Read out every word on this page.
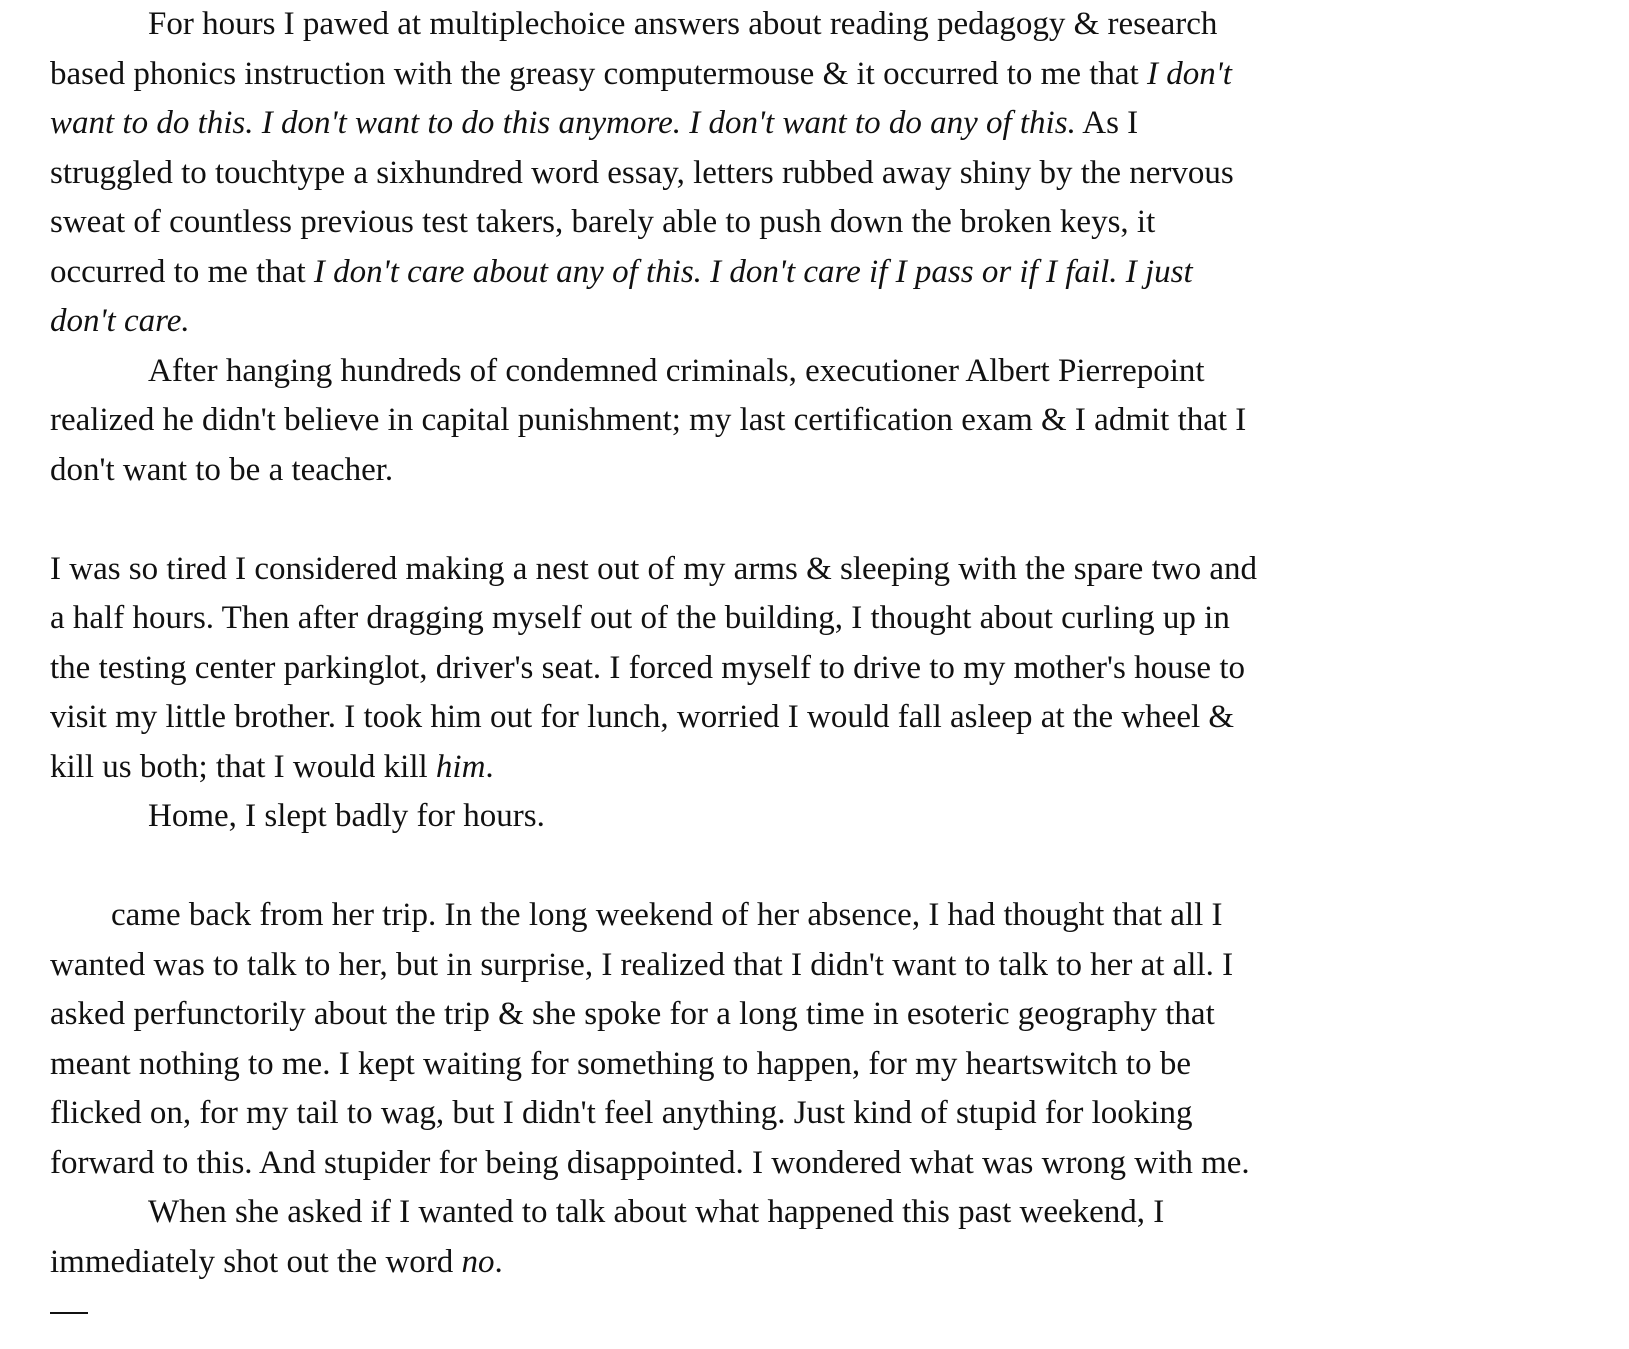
For hours I pawed at multiplechoice answers about reading pedagogy & research
based phonics instruction with the greasy computermouse & it occurred to me that I don't
want to do this. I don't want to do this anymore. I don't want to do any of this. As I
struggled to touchtype a sixhundred word essay, letters rubbed away shiny by the nervous
sweat of countless previous test takers, barely able to push down the broken keys, it
occurred to me that I don't care about any of this. I don't care if I pass or if I fail. I just
don't care.
After hanging hundreds of condemned criminals, executioner Albert Pierrepoint
realized he didn't believe in capital punishment; my last certification exam & I admit that I
don't want to be a teacher.
I was so tired I considered making a nest out of my arms & sleeping with the spare two and
a half hours. Then after dragging myself out of the building, I thought about curling up in
the testing center parkinglot, driver's seat. I forced myself to drive to my mother's house to
visit my little brother. I took him out for lunch, worried I would fall asleep at the wheel &
kill us both; that I would kill him.
Home, I slept badly for hours.
came back from her trip. In the long weekend of her absence, I had thought that all I
wanted was to talk to her, but in surprise, I realized that I didn't want to talk to her at all. I
asked perfunctorily about the trip & she spoke for a long time in esoteric geography that
meant nothing to me. I kept waiting for something to happen, for my heartswitch to be
flicked on, for my tail to wag, but I didn't feel anything. Just kind of stupid for looking
forward to this. And stupider for being disappointed. I wondered what was wrong with me.
When she asked if I wanted to talk about what happened this past weekend, I
immediately shot out the word no.
